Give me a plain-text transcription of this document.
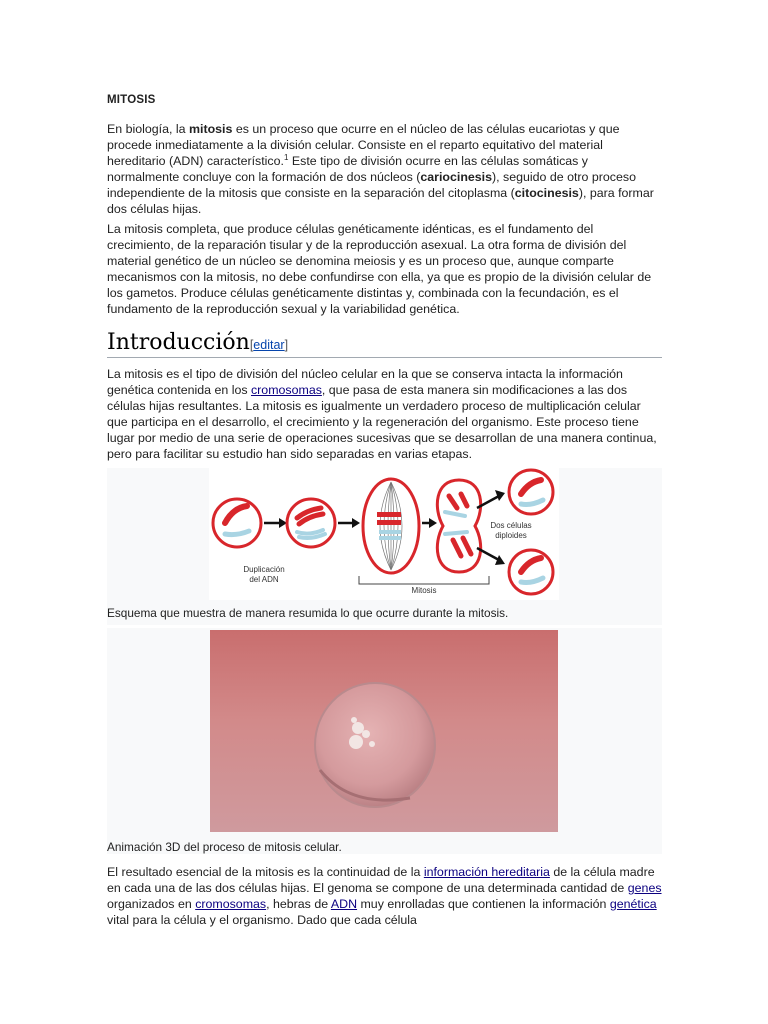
MITOSIS

En biología, la mitosis es un proceso que ocurre en el núcleo de las células eucariotas y que procede inmediatamente a la división celular. Consiste en el reparto equitativo del material hereditario (ADN) característico.$^1$ Este tipo de división ocurre en las células somáticas y normalmente concluye con la formación de dos núcleos (cariocinesis), seguido de otro proceso independiente de la mitosis que consiste en la separación del citoplasma (citocinesis), para formar dos células hijas.

La mitosis completa, que produce células genéticamente idénticas, es el fundamento del crecimiento, de la reparación tisular y de la reproducción asexual. La otra forma de división del material genético de un núcleo se denomina meiosis y es un proceso que, aunque comparte mecanismos con la mitosis, no debe confundirse con ella, ya que es propio de la división celular de los gametos. Produce células genéticamente distintas y, combinada con la fecundación, es el fundamento de la reproducción sexual y la variabilidad genética.

Introducción[editar]

La mitosis es el tipo de división del núcleo celular en la que se conserva intacta la información genética contenida en los cromosomas, que pasa de esta manera sin modificaciones a las dos células hijas resultantes. La mitosis es igualmente un verdadero proceso de multiplicación celular que participa en el desarrollo, el crecimiento y la regeneración del organismo. Este proceso tiene lugar por medio de una serie de operaciones sucesivas que se desarrollan de una manera continua, pero para facilitar su estudio han sido separadas en varias etapas.

Duplicación
del ADN
Mitosis
Dos células
diploides
Esquema que muestra de manera resumida lo que ocurre durante la mitosis.
Animación 3D del proceso de mitosis celular.

El resultado esencial de la mitosis es la continuidad de la información hereditaria de la célula madre en cada una de las dos células hijas. El genoma se compone de una determinada cantidad de genes organizados en cromosomas, hebras de ADN muy enrolladas que contienen la información genética vital para la célula y el organismo. Dado que cada célula
